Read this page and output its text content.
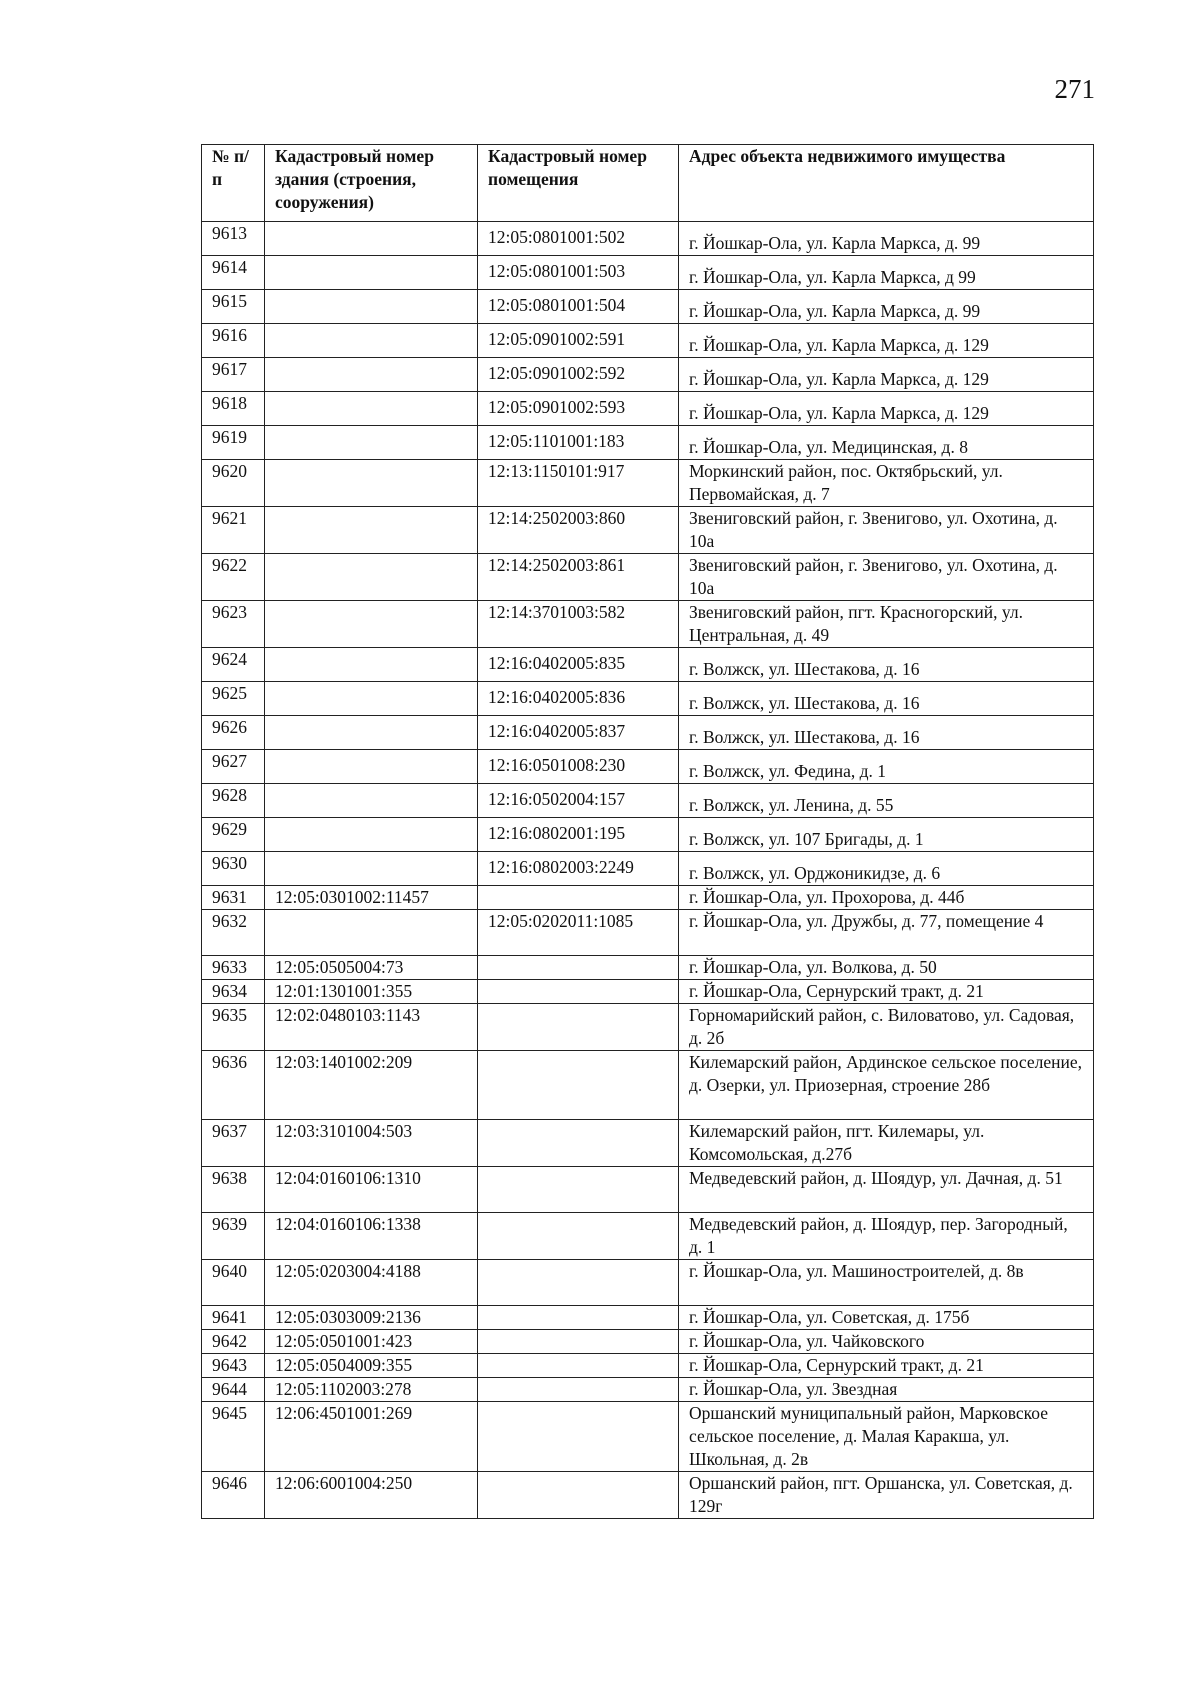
271
№ п/п	Кадастровый номер здания (строения, сооружения)	Кадастровый номер помещения	Адрес объекта недвижимого имущества
9613		12:05:0801001:502	г. Йошкар-Ола, ул. Карла Маркса, д. 99
9614		12:05:0801001:503	г. Йошкар-Ола, ул. Карла Маркса, д 99
9615		12:05:0801001:504	г. Йошкар-Ола, ул. Карла Маркса, д. 99
9616		12:05:0901002:591	г. Йошкар-Ола, ул. Карла Маркса, д. 129
9617		12:05:0901002:592	г. Йошкар-Ола, ул. Карла Маркса, д. 129
9618		12:05:0901002:593	г. Йошкар-Ола, ул. Карла Маркса, д. 129
9619		12:05:1101001:183	г. Йошкар-Ола, ул. Медицинская, д. 8
9620		12:13:1150101:917	Моркинский район, пос. Октябрьский, ул. Первомайская, д. 7
9621		12:14:2502003:860	Звениговский район, г. Звенигово, ул. Охотина, д. 10а
9622		12:14:2502003:861	Звениговский район, г. Звенигово, ул. Охотина, д. 10а
9623		12:14:3701003:582	Звениговский район, пгт. Красногорский, ул. Центральная, д. 49
9624		12:16:0402005:835	г. Волжск, ул. Шестакова, д. 16
9625		12:16:0402005:836	г. Волжск, ул. Шестакова, д. 16
9626		12:16:0402005:837	г. Волжск, ул. Шестакова, д. 16
9627		12:16:0501008:230	г. Волжск, ул. Федина, д. 1
9628		12:16:0502004:157	г. Волжск, ул. Ленина, д. 55
9629		12:16:0802001:195	г. Волжск, ул. 107 Бригады, д. 1
9630		12:16:0802003:2249	г. Волжск, ул. Орджоникидзе, д. 6
9631	12:05:0301002:11457		г. Йошкар-Ола, ул. Прохорова, д. 44б
9632		12:05:0202011:1085	г. Йошкар-Ола, ул. Дружбы, д. 77, помещение 4
9633	12:05:0505004:73		г. Йошкар-Ола, ул. Волкова, д. 50
9634	12:01:1301001:355		г. Йошкар-Ола, Сернурский тракт, д. 21
9635	12:02:0480103:1143		Горномарийский район, с. Виловатово, ул. Садовая, д. 2б
9636	12:03:1401002:209		Килемарский район, Ардинское сельское поселение, д. Озерки, ул. Приозерная, строение 28б
9637	12:03:3101004:503		Килемарский район, пгт. Килемары, ул. Комсомольская, д.27б
9638	12:04:0160106:1310		Медведевский район, д. Шоядур, ул. Дачная, д. 51
9639	12:04:0160106:1338		Медведевский район, д. Шоядур, пер. Загородный, д. 1
9640	12:05:0203004:4188		г. Йошкар-Ола, ул. Машиностроителей, д. 8в
9641	12:05:0303009:2136		г. Йошкар-Ола, ул. Советская, д. 175б
9642	12:05:0501001:423		г. Йошкар-Ола, ул. Чайковского
9643	12:05:0504009:355		г. Йошкар-Ола, Сернурский тракт, д. 21
9644	12:05:1102003:278		г. Йошкар-Ола, ул. Звездная
9645	12:06:4501001:269		Оршанский муниципальный район, Марковское сельское поселение, д. Малая Каракша, ул. Школьная, д. 2в
9646	12:06:6001004:250		Оршанский район, пгт. Оршанска, ул. Советская, д. 129г
